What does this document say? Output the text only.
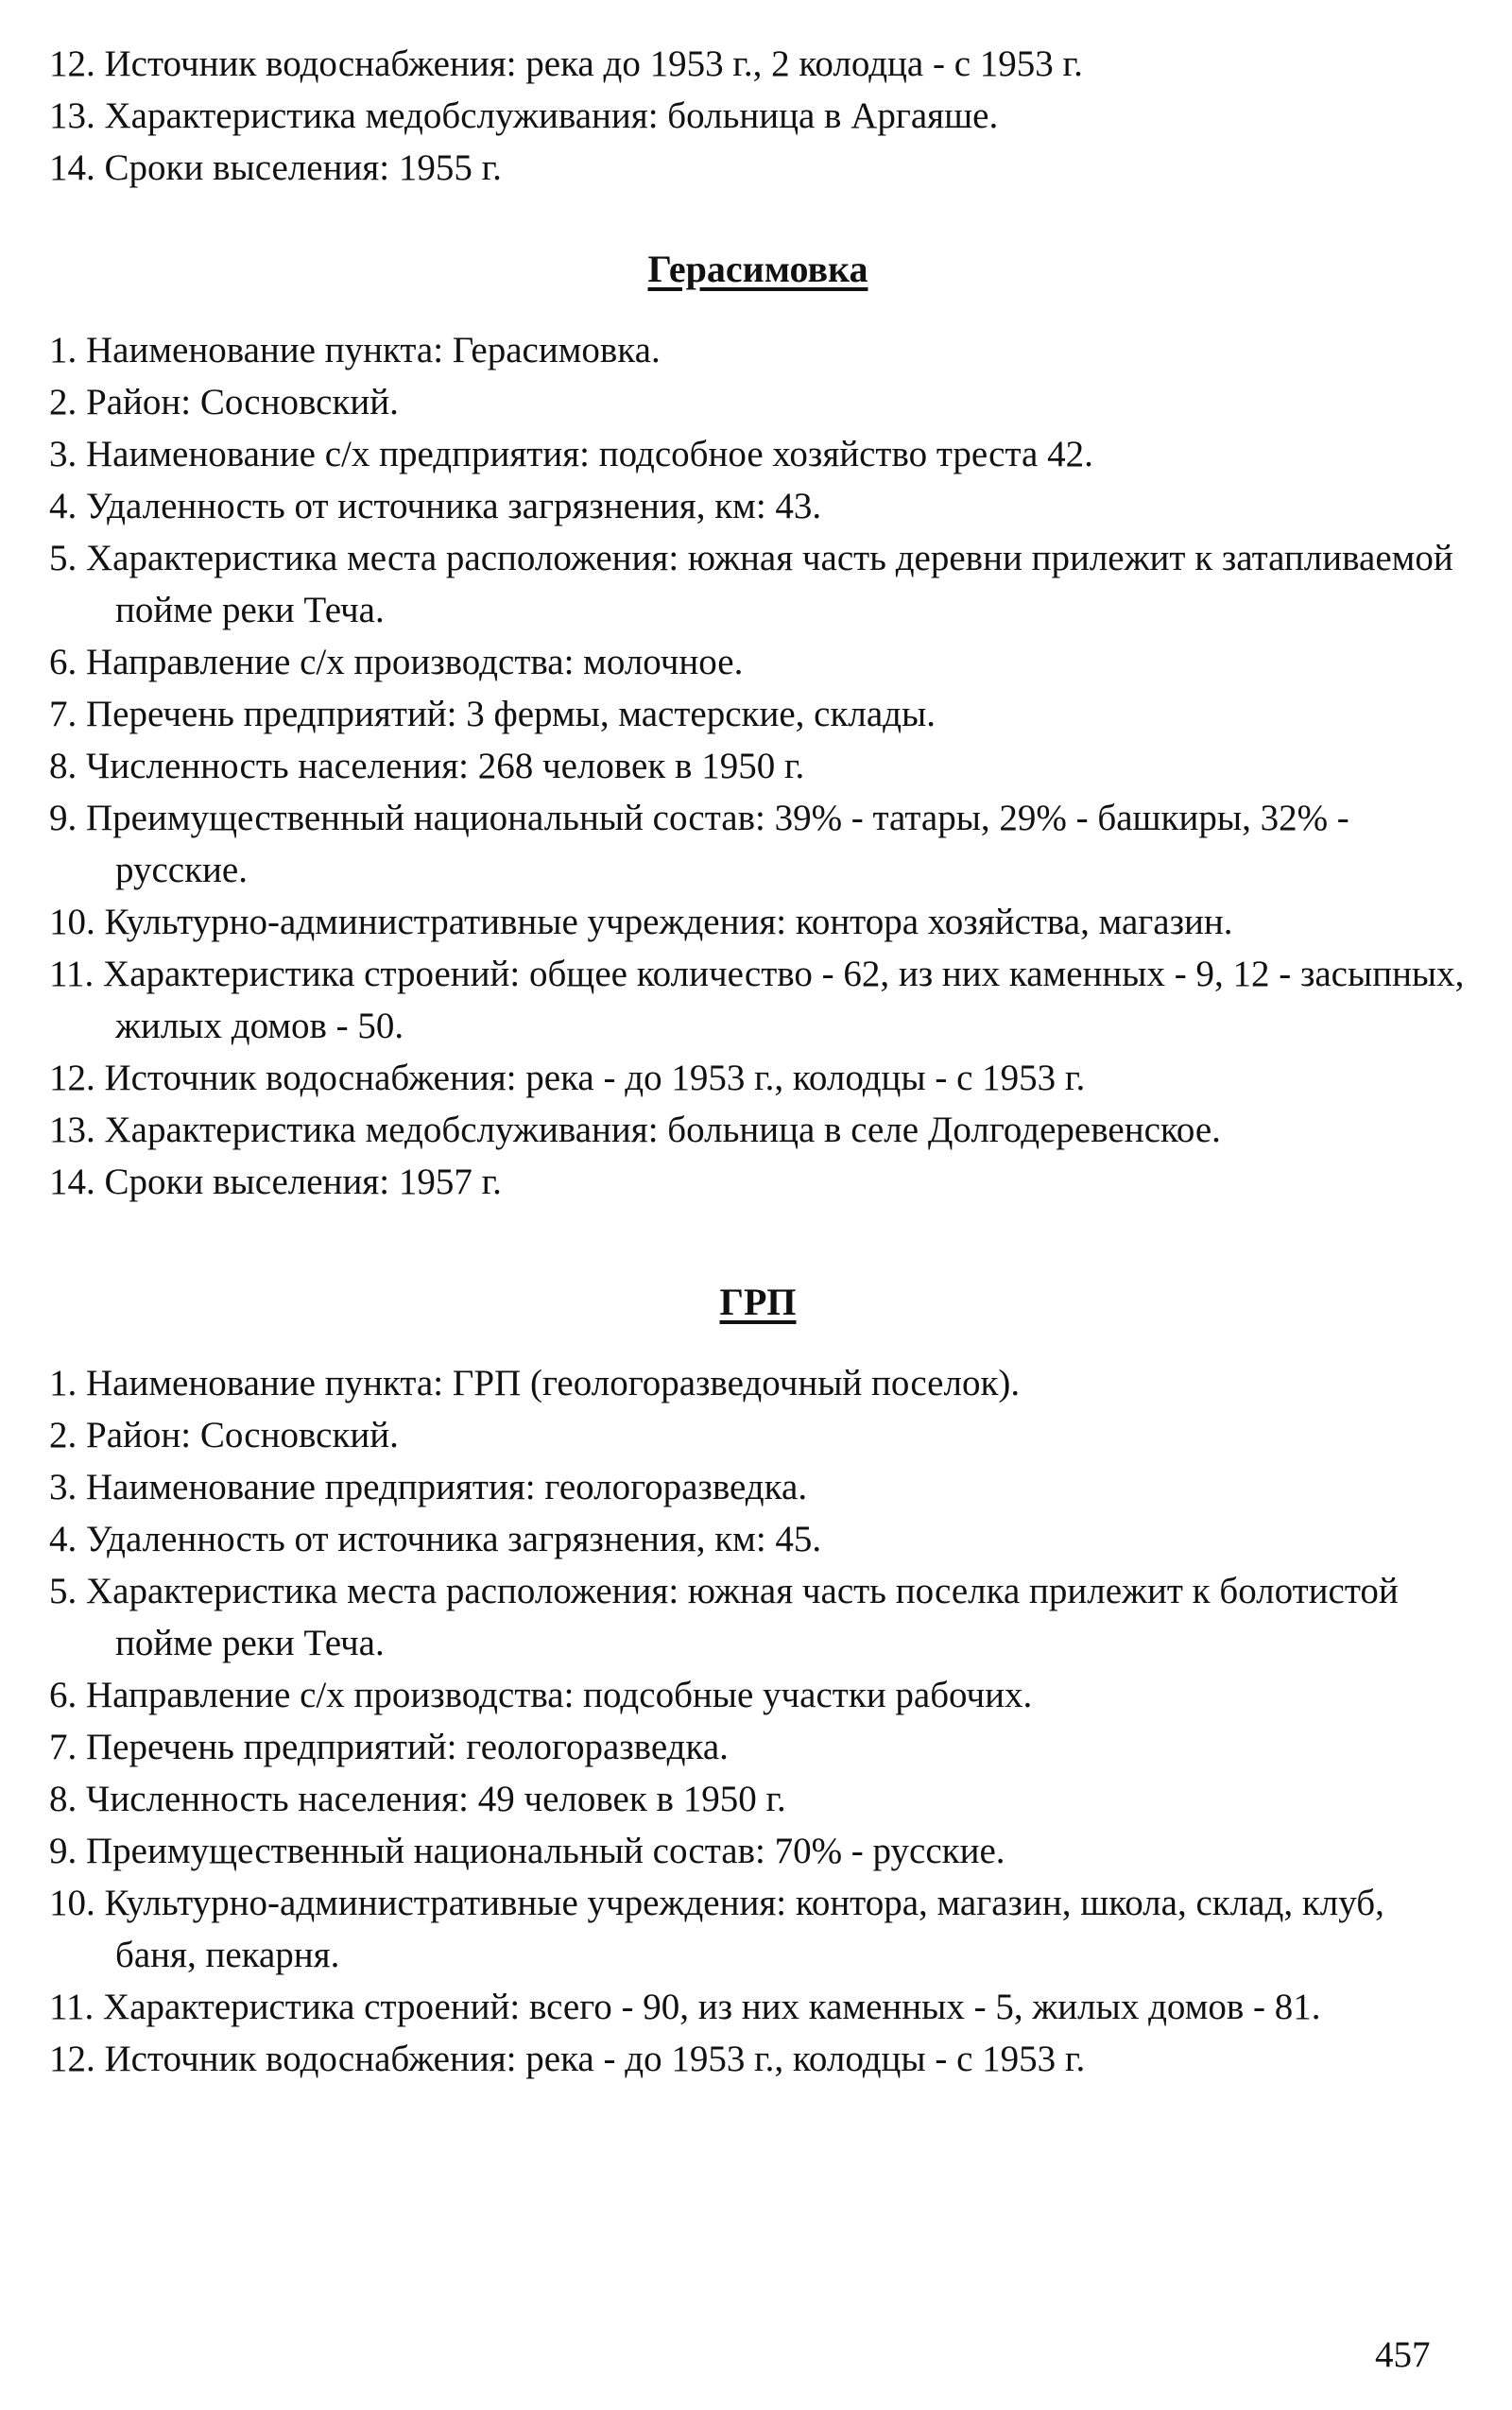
12. Источник водоснабжения: река до 1953 г., 2 колодца - с 1953 г.
13. Характеристика медобслуживания: больница в Аргаяше.
14. Сроки выселения: 1955 г.
Герасимовка
1. Наименование пункта: Герасимовка.
2. Район: Сосновский.
3. Наименование с/х предприятия: подсобное хозяйство треста 42.
4. Удаленность от источника загрязнения, км: 43.
5. Характеристика места расположения: южная часть деревни прилежит к затапливаемой пойме реки Теча.
6. Направление с/х производства: молочное.
7. Перечень предприятий: 3 фермы, мастерские, склады.
8. Численность населения: 268 человек в 1950 г.
9. Преимущественный национальный состав: 39% - татары, 29% - башкиры, 32% - русские.
10. Культурно-административные учреждения: контора хозяйства, магазин.
11. Характеристика строений: общее количество - 62, из них каменных - 9, 12 - засыпных, жилых домов - 50.
12. Источник водоснабжения: река - до 1953 г., колодцы - с 1953 г.
13. Характеристика медобслуживания: больница в селе Долгодеревенское.
14. Сроки выселения: 1957 г.
ГРП
1. Наименование пункта: ГРП (геологоразведочный поселок).
2. Район: Сосновский.
3. Наименование предприятия: геологоразведка.
4. Удаленность от источника загрязнения, км: 45.
5. Характеристика места расположения: южная часть поселка прилежит к болотистой пойме реки Теча.
6. Направление с/х производства: подсобные участки рабочих.
7. Перечень предприятий: геологоразведка.
8. Численность населения: 49 человек в 1950 г.
9. Преимущественный национальный состав: 70% - русские.
10. Культурно-административные учреждения: контора, магазин, школа, склад, клуб, баня, пекарня.
11. Характеристика строений: всего - 90, из них каменных - 5, жилых домов - 81.
12. Источник водоснабжения: река - до 1953 г., колодцы - с 1953 г.
457
